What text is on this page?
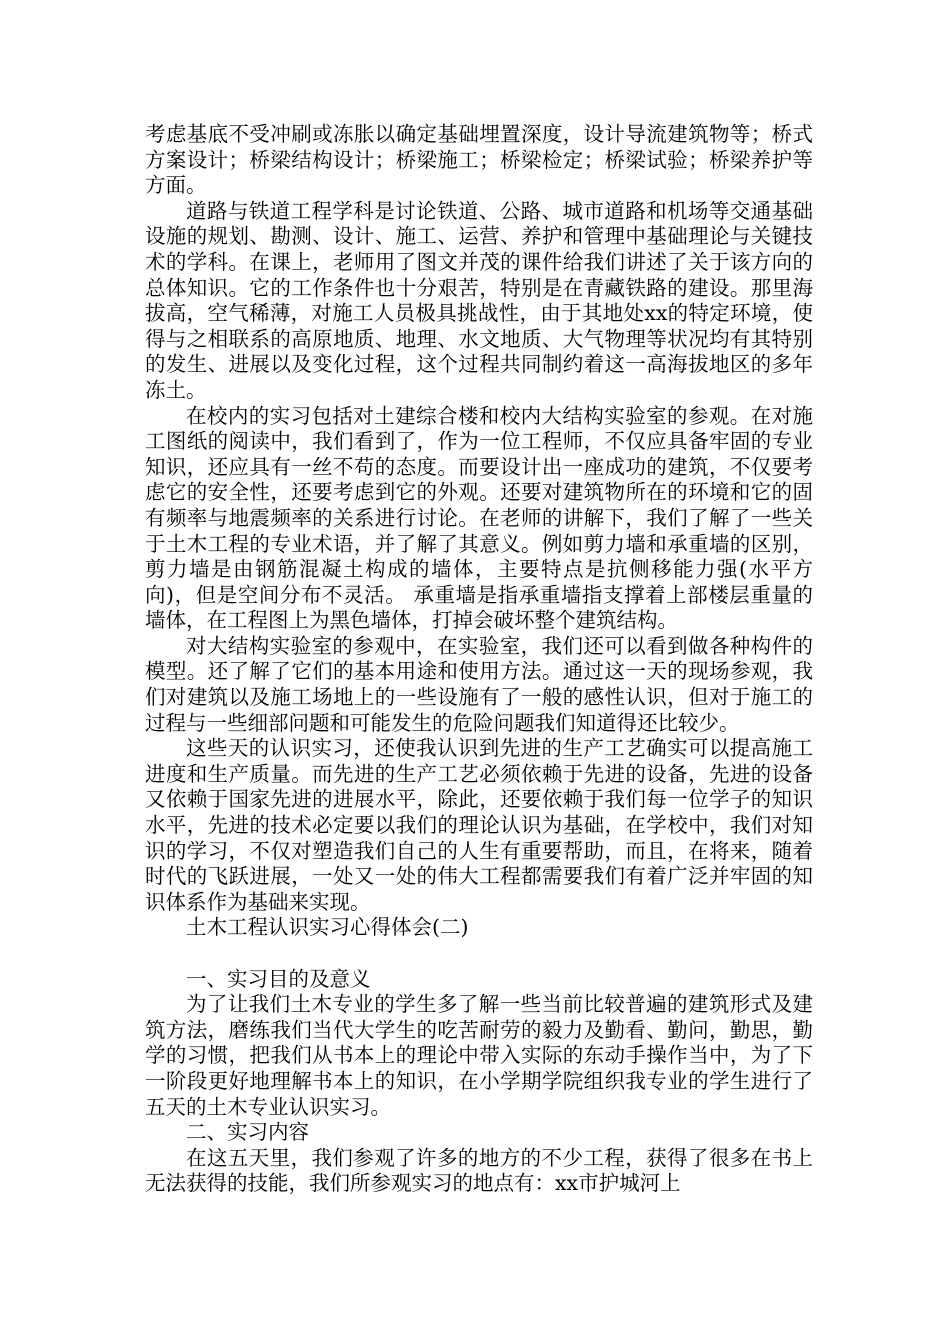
考虑基底不受冲刷或冻胀以确定基础埋置深度，设计导流建筑物等；桥式方案设计；桥梁结构设计；桥梁施工；桥梁检定；桥梁试验；桥梁养护等方面。

道路与铁道工程学科是讨论铁道、公路、城市道路和机场等交通基础设施的规划、勘测、设计、施工、运营、养护和管理中基础理论与关键技术的学科。在课上，老师用了图文并茂的课件给我们讲述了关于该方向的总体知识。它的工作条件也十分艰苦，特别是在青藏铁路的建设。那里海拔高，空气稀薄，对施工人员极具挑战性，由于其地处xx的特定环境，使得与之相联系的高原地质、地理、水文地质、大气物理等状况均有其特别的发生、进展以及变化过程，这个过程共同制约着这一高海拔地区的多年冻土。

在校内的实习包括对土建综合楼和校内大结构实验室的参观。在对施工图纸的阅读中，我们看到了，作为一位工程师，不仅应具备牢固的专业知识，还应具有一丝不苟的态度。而要设计出一座成功的建筑，不仅要考虑它的安全性，还要考虑到它的外观。还要对建筑物所在的环境和它的固有频率与地震频率的关系进行讨论。在老师的讲解下，我们了解了一些关于土木工程的专业术语，并了解了其意义。例如剪力墙和承重墙的区别，剪力墙是由钢筋混凝土构成的墙体，主要特点是抗侧移能力强(水平方向)，但是空间分布不灵活。 承重墙是指承重墙指支撑着上部楼层重量的墙体，在工程图上为黑色墙体，打掉会破坏整个建筑结构。

对大结构实验室的参观中，在实验室，我们还可以看到做各种构件的模型。还了解了它们的基本用途和使用方法。通过这一天的现场参观，我们对建筑以及施工场地上的一些设施有了一般的感性认识，但对于施工的过程与一些细部问题和可能发生的危险问题我们知道得还比较少。

这些天的认识实习，还使我认识到先进的生产工艺确实可以提高施工进度和生产质量。而先进的生产工艺必须依赖于先进的设备，先进的设备又依赖于国家先进的进展水平，除此，还要依赖于我们每一位学子的知识水平，先进的技术必定要以我们的理论认识为基础，在学校中，我们对知识的学习，不仅对塑造我们自己的人生有重要帮助，而且，在将来，随着时代的飞跃进展，一处又一处的伟大工程都需要我们有着广泛并牢固的知识体系作为基础来实现。

土木工程认识实习心得体会(二)

一、实习目的及意义

为了让我们土木专业的学生多了解一些当前比较普遍的建筑形式及建筑方法，磨练我们当代大学生的吃苦耐劳的毅力及勤看、勤问，勤思，勤学的习惯，把我们从书本上的理论中带入实际的东动手操作当中，为了下一阶段更好地理解书本上的知识，在小学期学院组织我专业的学生进行了五天的土木专业认识实习。

二、实习内容

在这五天里，我们参观了许多的地方的不少工程，获得了很多在书上无法获得的技能，我们所参观实习的地点有：xx市护城河上
